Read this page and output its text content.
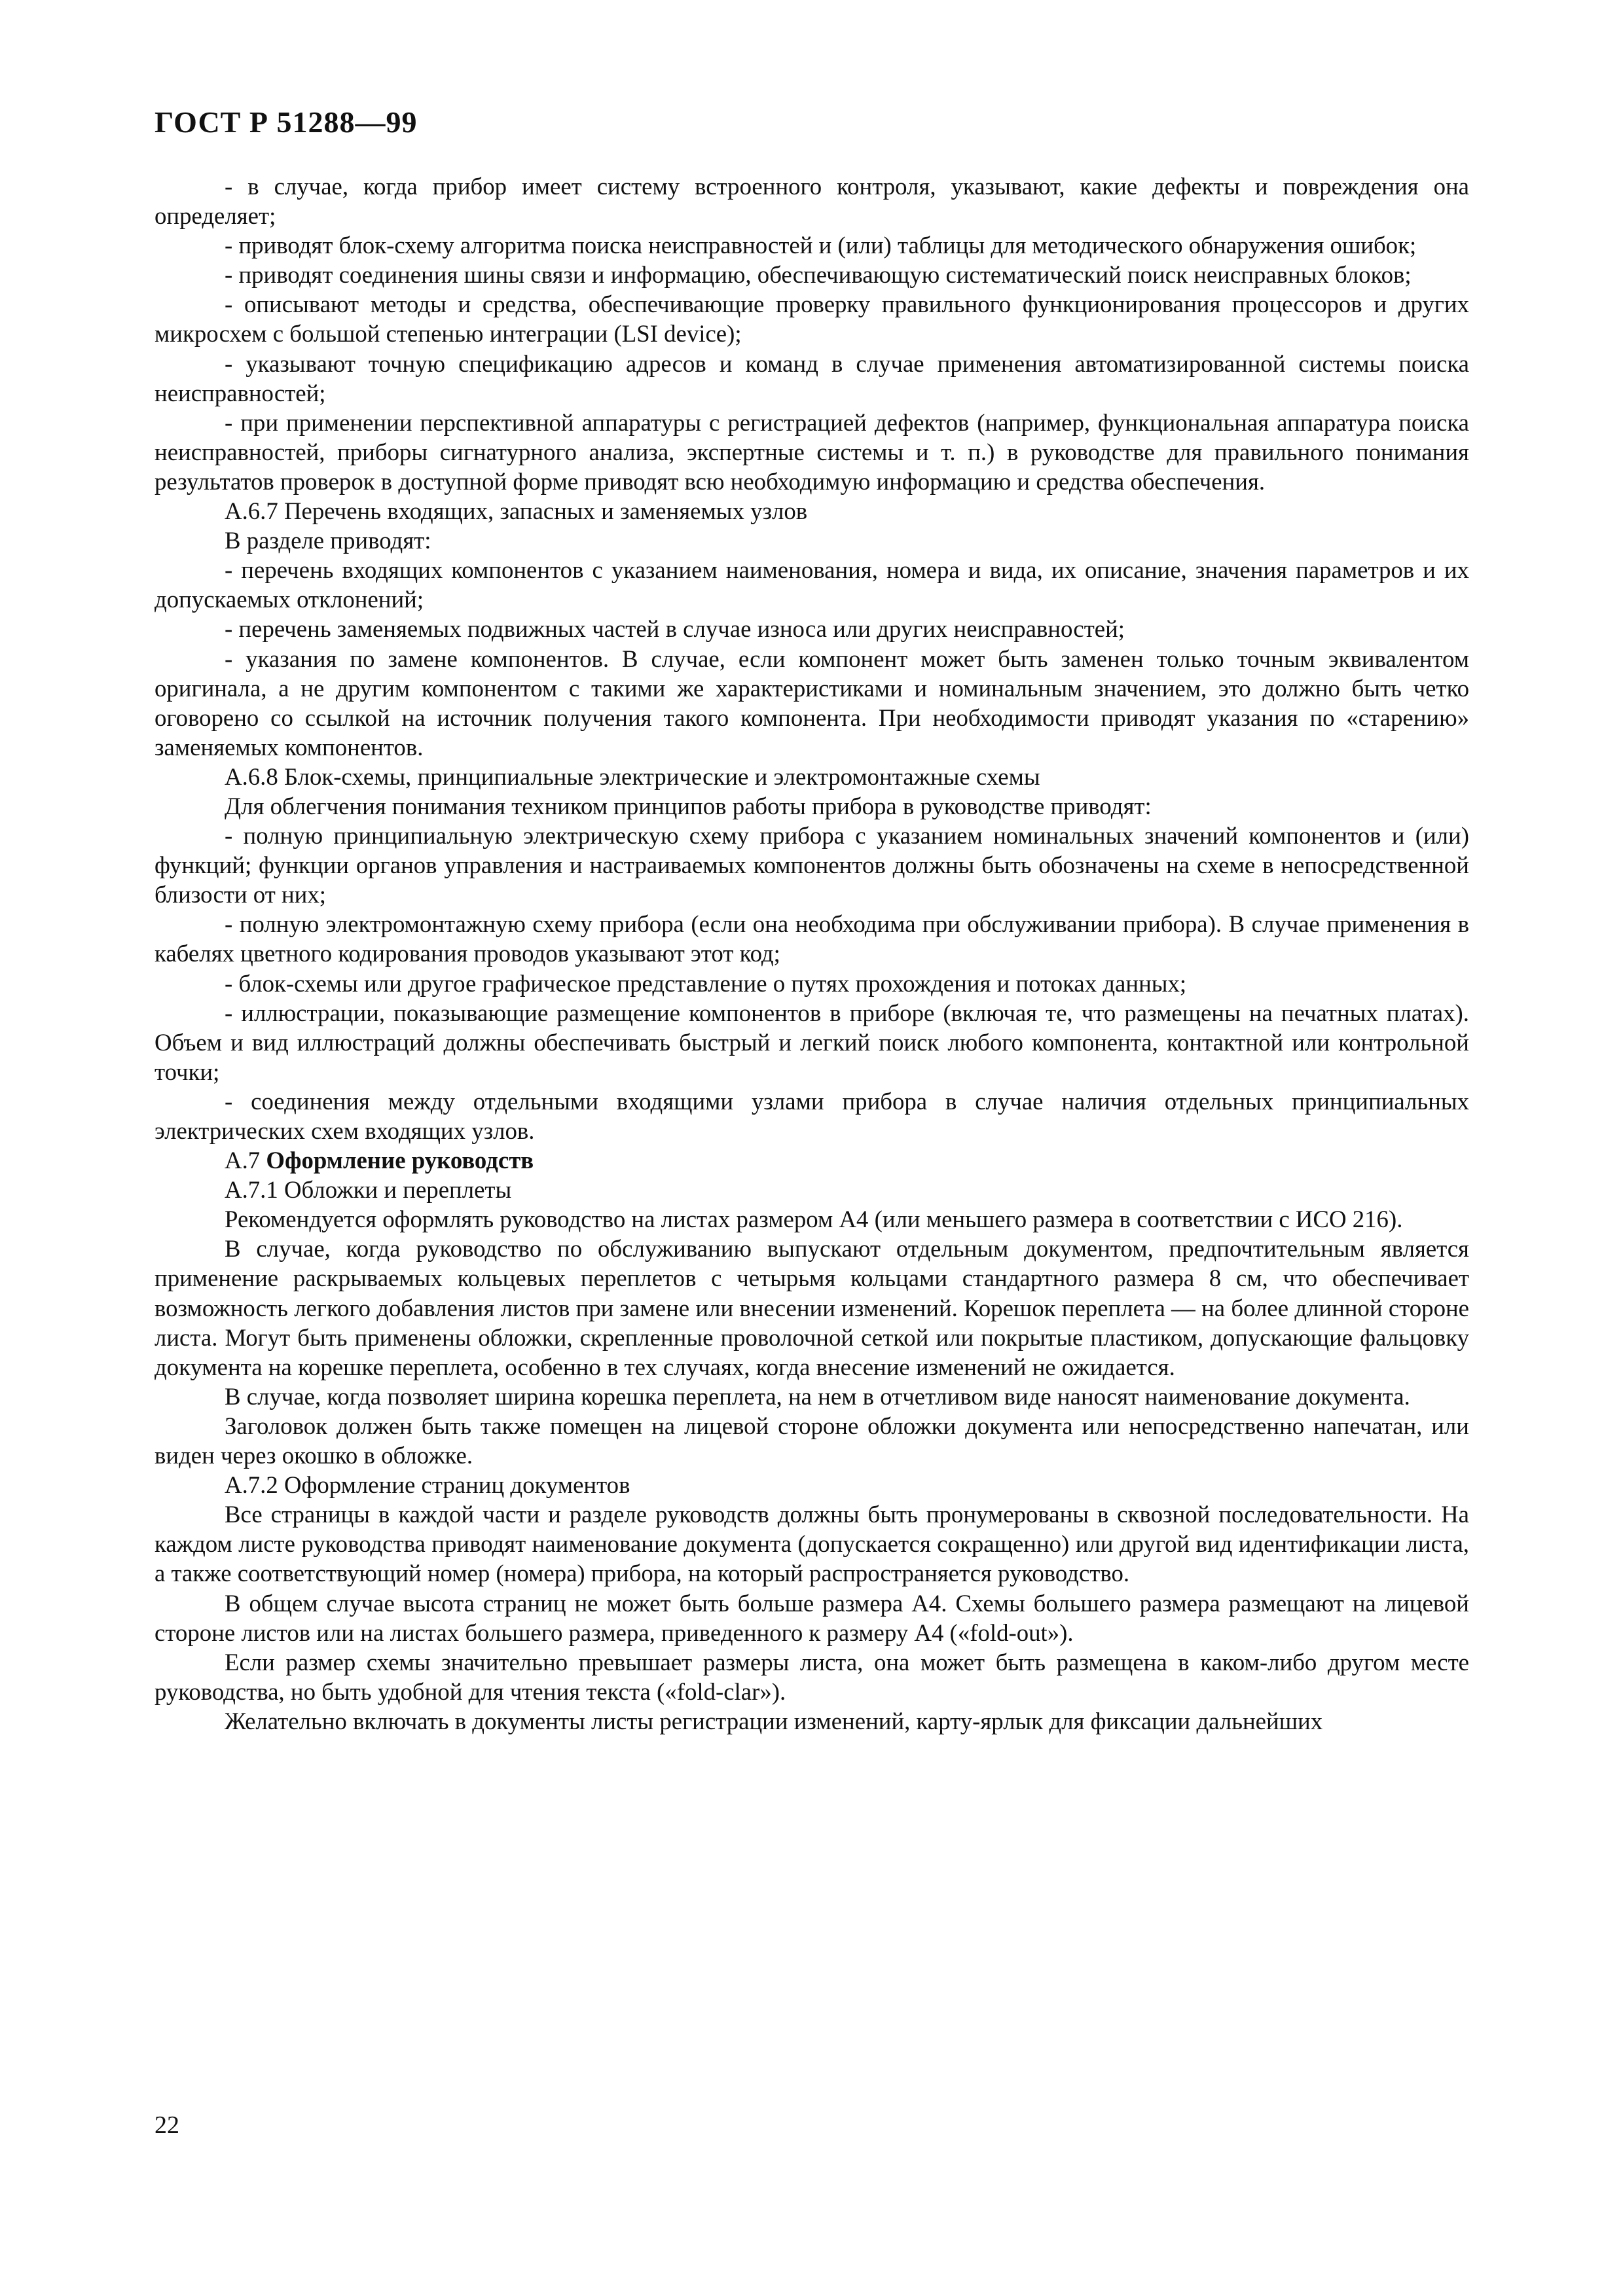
ГОСТ Р 51288—99

- в случае, когда прибор имеет систему встроенного контроля, указывают, какие дефекты и повреждения она определяет;

- приводят блок-схему алгоритма поиска неисправностей и (или) таблицы для методического обнаружения ошибок;

- приводят соединения шины связи и информацию, обеспечивающую систематический поиск неисправных блоков;

- описывают методы и средства, обеспечивающие проверку правильного функционирования процессоров и других микросхем с большой степенью интеграции (LSI device);

- указывают точную спецификацию адресов и команд в случае применения автоматизированной системы поиска неисправностей;

- при применении перспективной аппаратуры с регистрацией дефектов (например, функциональная аппаратура поиска неисправностей, приборы сигнатурного анализа, экспертные системы и т. п.) в руководстве для правильного понимания результатов проверок в доступной форме приводят всю необходимую информацию и средства обеспечения.

А.6.7 Перечень входящих, запасных и заменяемых узлов

В разделе приводят:

- перечень входящих компонентов с указанием наименования, номера и вида, их описание, значения параметров и их допускаемых отклонений;

- перечень заменяемых подвижных частей в случае износа или других неисправностей;

- указания по замене компонентов. В случае, если компонент может быть заменен только точным эквивалентом оригинала, а не другим компонентом с такими же характеристиками и номинальным значением, это должно быть четко оговорено со ссылкой на источник получения такого компонента. При необходимости приводят указания по «старению» заменяемых компонентов.

А.6.8 Блок-схемы, принципиальные электрические и электромонтажные схемы

Для облегчения понимания техником принципов работы прибора в руководстве приводят:

- полную принципиальную электрическую схему прибора с указанием номинальных значений компонентов и (или) функций; функции органов управления и настраиваемых компонентов должны быть обозначены на схеме в непосредственной близости от них;

- полную электромонтажную схему прибора (если она необходима при обслуживании прибора). В случае применения в кабелях цветного кодирования проводов указывают этот код;

- блок-схемы или другое графическое представление о путях прохождения и потоках данных;

- иллюстрации, показывающие размещение компонентов в приборе (включая те, что размещены на печатных платах). Объем и вид иллюстраций должны обеспечивать быстрый и легкий поиск любого компонента, контактной или контрольной точки;

- соединения между отдельными входящими узлами прибора в случае наличия отдельных принципиальных электрических схем входящих узлов.

А.7 Оформление руководств

А.7.1 Обложки и переплеты

Рекомендуется оформлять руководство на листах размером А4 (или меньшего размера в соответствии с ИСО 216).

В случае, когда руководство по обслуживанию выпускают отдельным документом, предпочтительным является применение раскрываемых кольцевых переплетов с четырьмя кольцами стандартного размера 8 см, что обеспечивает возможность легкого добавления листов при замене или внесении изменений. Корешок переплета — на более длинной стороне листа. Могут быть применены обложки, скрепленные проволочной сеткой или покрытые пластиком, допускающие фальцовку документа на корешке переплета, особенно в тех случаях, когда внесение изменений не ожидается.

В случае, когда позволяет ширина корешка переплета, на нем в отчетливом виде наносят наименование документа.

Заголовок должен быть также помещен на лицевой стороне обложки документа или непосредственно напечатан, или виден через окошко в обложке.

А.7.2 Оформление страниц документов

Все страницы в каждой части и разделе руководств должны быть пронумерованы в сквозной последовательности. На каждом листе руководства приводят наименование документа (допускается сокращенно) или другой вид идентификации листа, а также соответствующий номер (номера) прибора, на который распространяется руководство.

В общем случае высота страниц не может быть больше размера А4. Схемы большего размера размещают на лицевой стороне листов или на листах большего размера, приведенного к размеру А4 («fold-out»).

Если размер схемы значительно превышает размеры листа, она может быть размещена в каком-либо другом месте руководства, но быть удобной для чтения текста («fold-clar»).

Желательно включать в документы листы регистрации изменений, карту-ярлык для фиксации дальнейших

22
